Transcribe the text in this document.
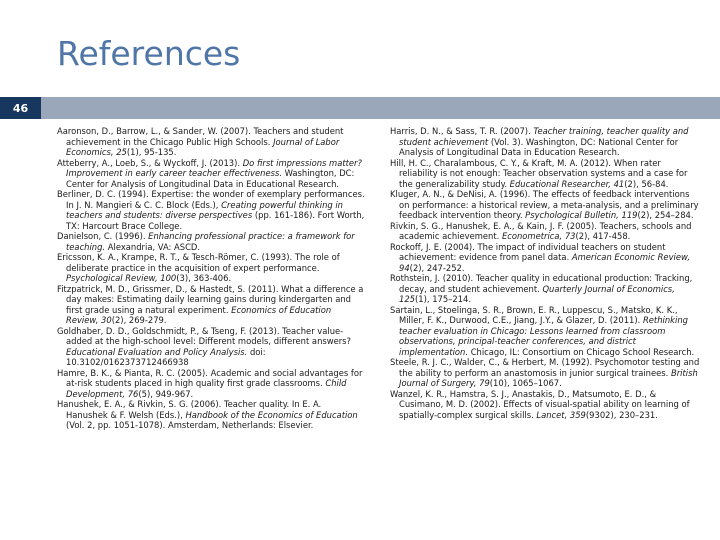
References
46

Aaronson, D., Barrow, L., & Sander, W. (2007). Teachers and student achievement in the Chicago Public High Schools. Journal of Labor Economics, 25(1), 95-135.

Atteberry, A., Loeb, S., & Wyckoff, J. (2013). Do first impressions matter? Improvement in early career teacher effectiveness. Washington, DC: Center for Analysis of Longitudinal Data in Educational Research.

Berliner, D. C. (1994). Expertise: the wonder of exemplary performances. In J. N. Mangieri & C. C. Block (Eds.), Creating powerful thinking in teachers and students: diverse perspectives (pp. 161-186). Fort Worth, TX: Harcourt Brace College.

Danielson, C. (1996). Enhancing professional practice: a framework for teaching. Alexandria, VA: ASCD.

Ericsson, K. A., Krampe, R. T., & Tesch-Römer, C. (1993). The role of deliberate practice in the acquisition of expert performance. Psychological Review, 100(3), 363-406.

Fitzpatrick, M. D., Grissmer, D., & Hastedt, S. (2011). What a difference a day makes: Estimating daily learning gains during kindergarten and first grade using a natural experiment. Economics of Education Review, 30(2), 269-279.

Goldhaber, D. D., Goldschmidt, P., & Tseng, F. (2013). Teacher value-added at the high-school level: Different models, different answers? Educational Evaluation and Policy Analysis. doi: 10.3102/0162373712466938

Hamre, B. K., & Pianta, R. C. (2005). Academic and social advantages for at-risk students placed in high quality first grade classrooms. Child Development, 76(5), 949-967.

Hanushek, E. A., & Rivkin, S. G. (2006). Teacher quality. In E. A. Hanushek & F. Welsh (Eds.), Handbook of the Economics of Education (Vol. 2, pp. 1051-1078). Amsterdam, Netherlands: Elsevier.

Harris, D. N., & Sass, T. R. (2007). Teacher training, teacher quality and student achievement (Vol. 3). Washington, DC: National Center for Analysis of Longitudinal Data in Education Research.

Hill, H. C., Charalambous, C. Y., & Kraft, M. A. (2012). When rater reliability is not enough: Teacher observation systems and a case for the generalizability study. Educational Researcher, 41(2), 56-84.

Kluger, A. N., & DeNisi, A. (1996). The effects of feedback interventions on performance: a historical review, a meta-analysis, and a preliminary feedback intervention theory. Psychological Bulletin, 119(2), 254–284.

Rivkin, S. G., Hanushek, E. A., & Kain, J. F. (2005). Teachers, schools and academic achievement. Econometrica, 73(2), 417-458.

Rockoff, J. E. (2004). The impact of individual teachers on student achievement: evidence from panel data. American Economic Review, 94(2), 247-252.

Rothstein, J. (2010). Teacher quality in educational production: Tracking, decay, and student achievement. Quarterly Journal of Economics, 125(1), 175–214.

Sartain, L., Stoelinga, S. R., Brown, E. R., Luppescu, S., Matsko, K. K., Miller, F. K., Durwood, C.E., Jiang, J.Y., & Glazer, D. (2011). Rethinking teacher evaluation in Chicago: Lessons learned from classroom observations, principal-teacher conferences, and district implementation. Chicago, IL: Consortium on Chicago School Research.

Steele, R. J. C., Walder, C., & Herbert, M. (1992). Psychomotor testing and the ability to perform an anastomosis in junior surgical trainees. British Journal of Surgery, 79(10), 1065–1067.

Wanzel, K. R., Hamstra, S. J., Anastakis, D., Matsumoto, E. D., & Cusimano, M. D. (2002). Effects of visual-spatial ability on learning of spatially-complex surgical skills. Lancet, 359(9302), 230–231.
